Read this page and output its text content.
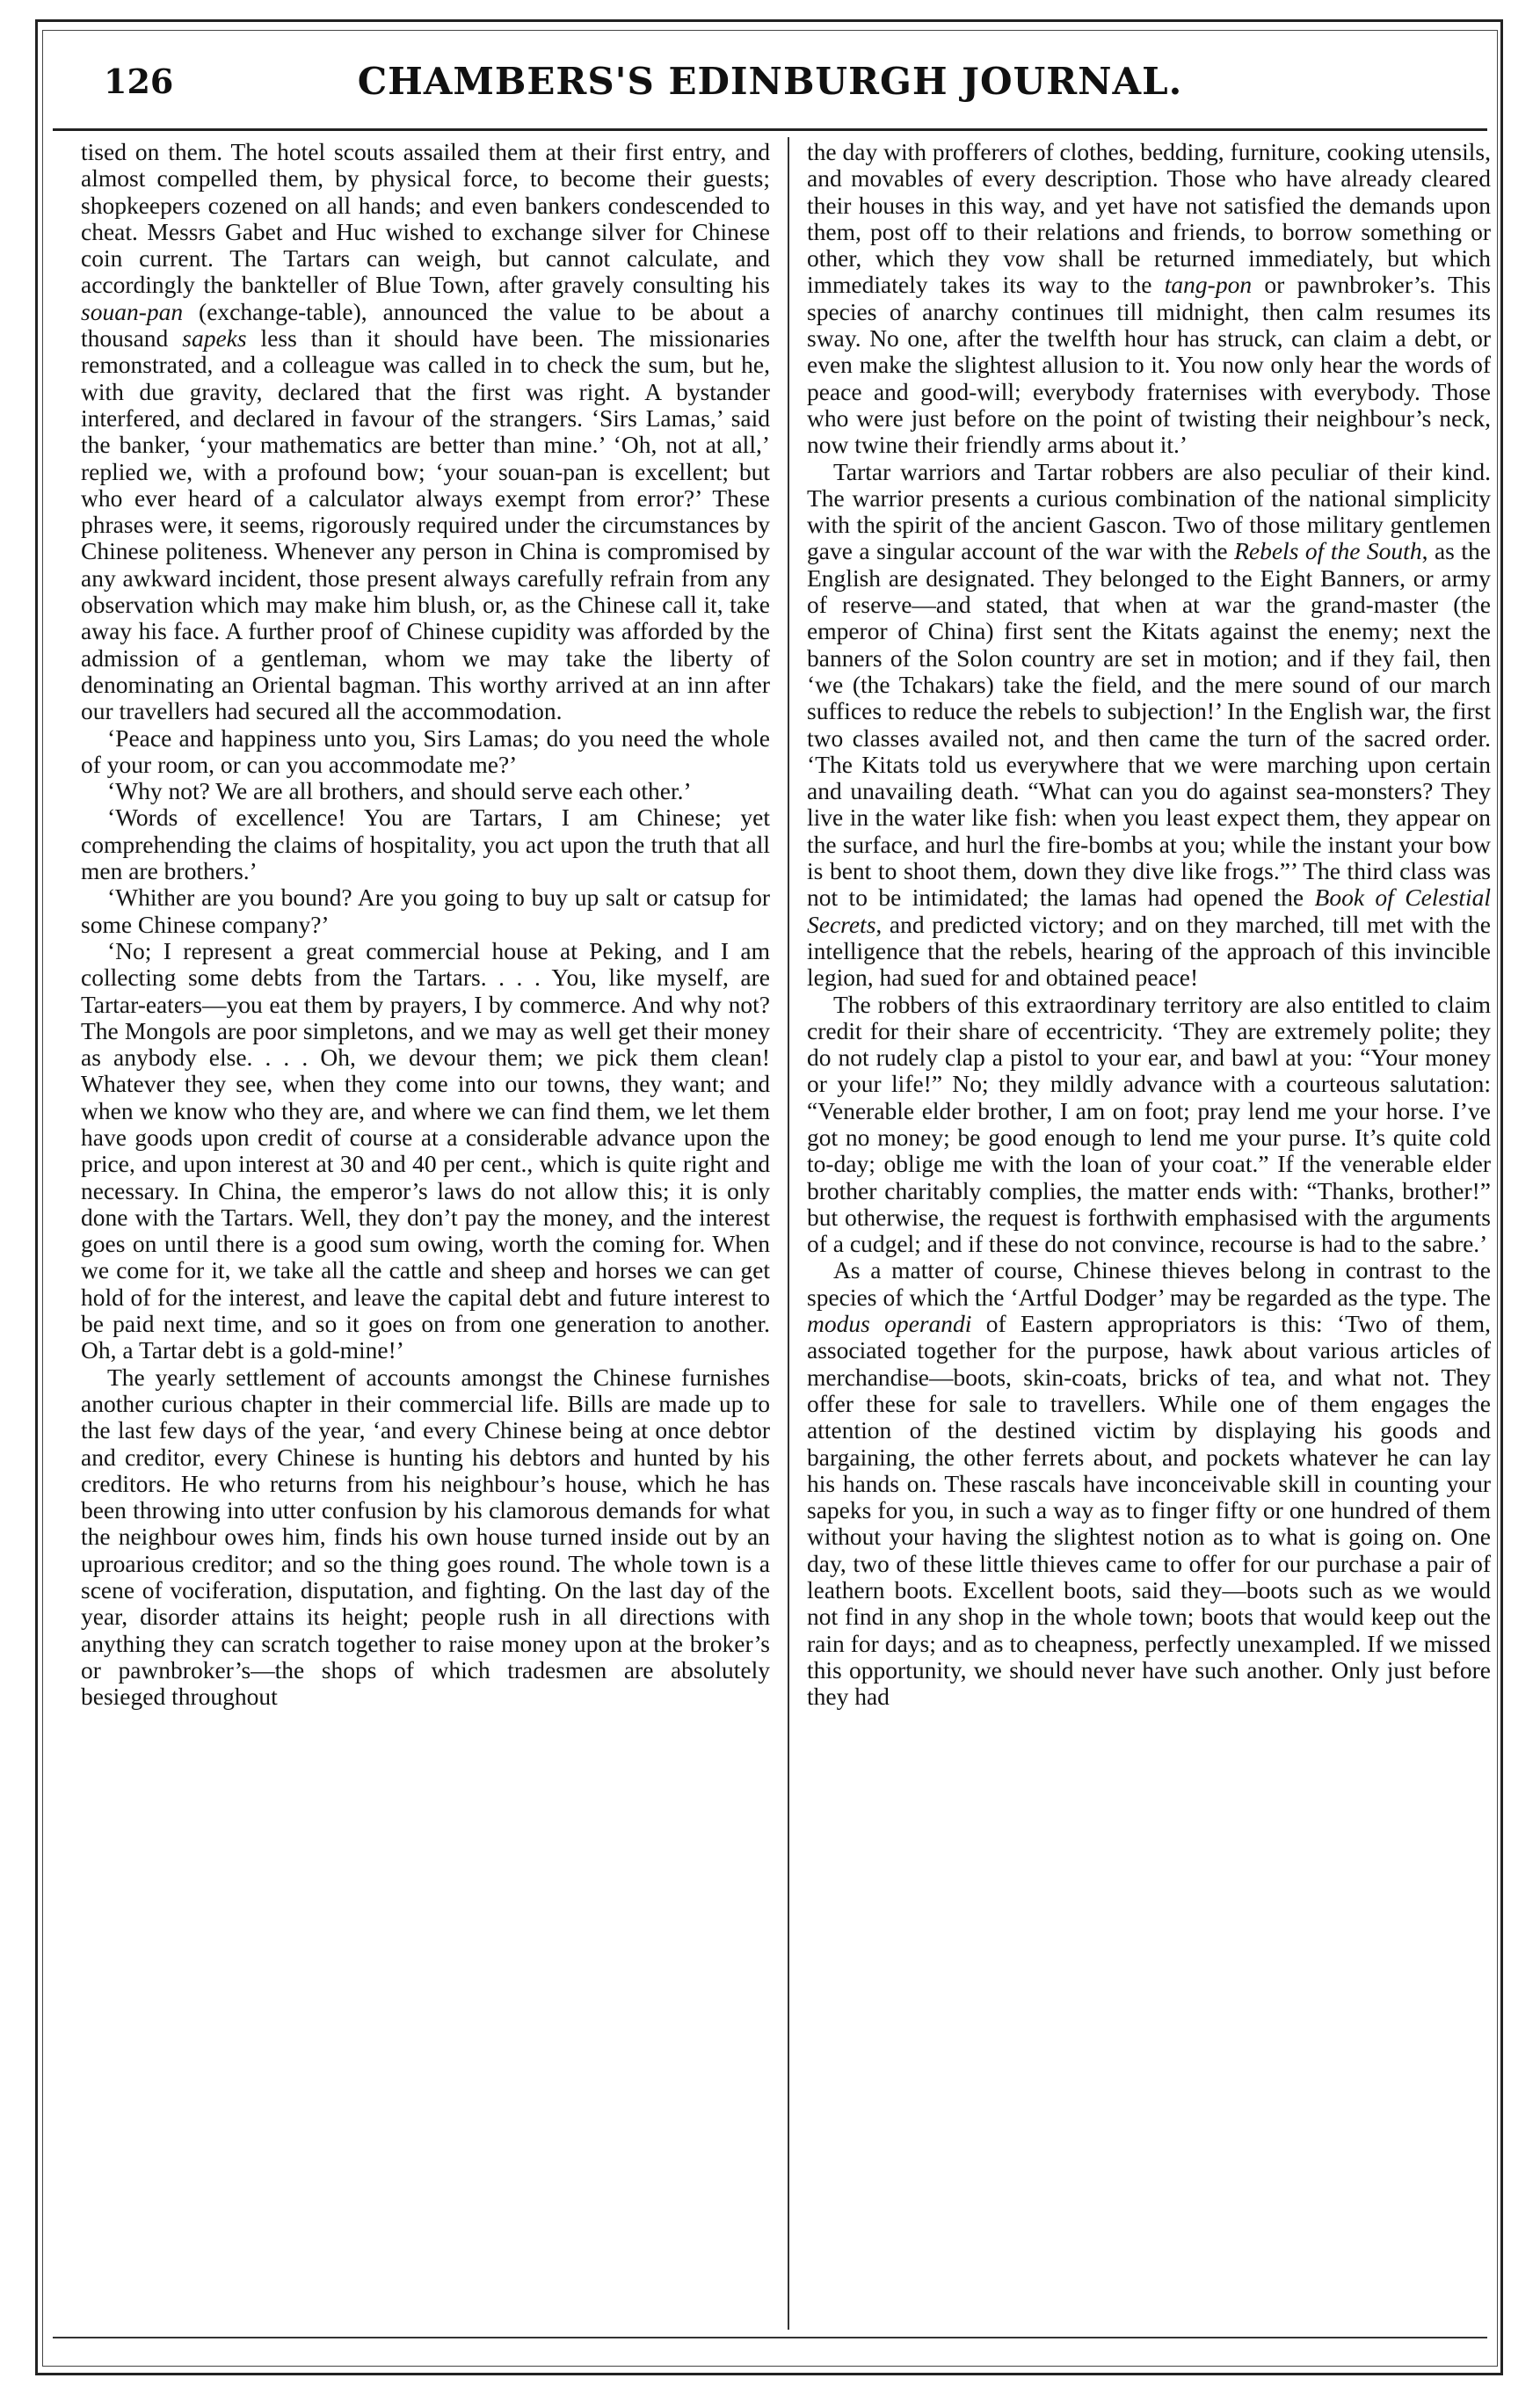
126	CHAMBERS'S EDINBURGH JOURNAL.

tised on them. The hotel scouts assailed them at their first entry, and almost compelled them, by physical force, to become their guests; shopkeepers cozened on all hands; and even bankers condescended to cheat. Messrs Gabet and Huc wished to exchange silver for Chinese coin current. The Tartars can weigh, but cannot calculate, and accordingly the bankteller of Blue Town, after gravely consulting his souan-pan (exchange-table), announced the value to be about a thousand sapeks less than it should have been. The missionaries remonstrated, and a colleague was called in to check the sum, but he, with due gravity, declared that the first was right. A bystander interfered, and declared in favour of the strangers. ‘Sirs Lamas,’ said the banker, ‘your mathematics are better than mine.’ ‘Oh, not at all,’ replied we, with a profound bow; ‘your souan-pan is excellent; but who ever heard of a calculator always exempt from error?’ These phrases were, it seems, rigorously required under the circumstances by Chinese politeness. Whenever any person in China is compromised by any awkward incident, those present always carefully refrain from any observation which may make him blush, or, as the Chinese call it, take away his face. A further proof of Chinese cupidity was afforded by the admission of a gentleman, whom we may take the liberty of denominating an Oriental bagman. This worthy arrived at an inn after our travellers had secured all the accommodation.

‘Peace and happiness unto you, Sirs Lamas; do you need the whole of your room, or can you accommodate me?’

‘Why not? We are all brothers, and should serve each other.’

‘Words of excellence! You are Tartars, I am Chinese; yet comprehending the claims of hospitality, you act upon the truth that all men are brothers.’

‘Whither are you bound? Are you going to buy up salt or catsup for some Chinese company?’

‘No; I represent a great commercial house at Peking, and I am collecting some debts from the Tartars. . . . You, like myself, are Tartar-eaters—you eat them by prayers, I by commerce. And why not? The Mongols are poor simpletons, and we may as well get their money as anybody else. . . . Oh, we devour them; we pick them clean! Whatever they see, when they come into our towns, they want; and when we know who they are, and where we can find them, we let them have goods upon credit of course at a considerable advance upon the price, and upon interest at 30 and 40 per cent., which is quite right and necessary. In China, the emperor’s laws do not allow this; it is only done with the Tartars. Well, they don’t pay the money, and the interest goes on until there is a good sum owing, worth the coming for. When we come for it, we take all the cattle and sheep and horses we can get hold of for the interest, and leave the capital debt and future interest to be paid next time, and so it goes on from one generation to another. Oh, a Tartar debt is a gold-mine!’

The yearly settlement of accounts amongst the Chinese furnishes another curious chapter in their commercial life. Bills are made up to the last few days of the year, ‘and every Chinese being at once debtor and creditor, every Chinese is hunting his debtors and hunted by his creditors. He who returns from his neighbour’s house, which he has been throwing into utter confusion by his clamorous demands for what the neighbour owes him, finds his own house turned inside out by an uproarious creditor; and so the thing goes round. The whole town is a scene of vociferation, disputation, and fighting. On the last day of the year, disorder attains its height; people rush in all directions with anything they can scratch together to raise money upon at the broker’s or pawnbroker’s—the shops of which tradesmen are absolutely besieged throughout

the day with profferers of clothes, bedding, furniture, cooking utensils, and movables of every description. Those who have already cleared their houses in this way, and yet have not satisfied the demands upon them, post off to their relations and friends, to borrow something or other, which they vow shall be returned immediately, but which immediately takes its way to the tang-pon or pawnbroker’s. This species of anarchy continues till midnight, then calm resumes its sway. No one, after the twelfth hour has struck, can claim a debt, or even make the slightest allusion to it. You now only hear the words of peace and good-will; everybody fraternises with everybody. Those who were just before on the point of twisting their neighbour’s neck, now twine their friendly arms about it.’

Tartar warriors and Tartar robbers are also peculiar of their kind. The warrior presents a curious combination of the national simplicity with the spirit of the ancient Gascon. Two of those military gentlemen gave a singular account of the war with the Rebels of the South, as the English are designated. They belonged to the Eight Banners, or army of reserve—and stated, that when at war the grand-master (the emperor of China) first sent the Kitats against the enemy; next the banners of the Solon country are set in motion; and if they fail, then ‘we (the Tchakars) take the field, and the mere sound of our march suffices to reduce the rebels to subjection!’ In the English war, the first two classes availed not, and then came the turn of the sacred order. ‘The Kitats told us everywhere that we were marching upon certain and unavailing death. “What can you do against sea-monsters? They live in the water like fish: when you least expect them, they appear on the surface, and hurl the fire-bombs at you; while the instant your bow is bent to shoot them, down they dive like frogs.”’ The third class was not to be intimidated; the lamas had opened the Book of Celestial Secrets, and predicted victory; and on they marched, till met with the intelligence that the rebels, hearing of the approach of this invincible legion, had sued for and obtained peace!

The robbers of this extraordinary territory are also entitled to claim credit for their share of eccentricity. ‘They are extremely polite; they do not rudely clap a pistol to your ear, and bawl at you: “Your money or your life!” No; they mildly advance with a courteous salutation: “Venerable elder brother, I am on foot; pray lend me your horse. I’ve got no money; be good enough to lend me your purse. It’s quite cold to-day; oblige me with the loan of your coat.” If the venerable elder brother charitably complies, the matter ends with: “Thanks, brother!” but otherwise, the request is forthwith emphasised with the arguments of a cudgel; and if these do not convince, recourse is had to the sabre.’

As a matter of course, Chinese thieves belong in contrast to the species of which the ‘Artful Dodger’ may be regarded as the type. The modus operandi of Eastern appropriators is this: ‘Two of them, associated together for the purpose, hawk about various articles of merchandise—boots, skin-coats, bricks of tea, and what not. They offer these for sale to travellers. While one of them engages the attention of the destined victim by displaying his goods and bargaining, the other ferrets about, and pockets whatever he can lay his hands on. These rascals have inconceivable skill in counting your sapeks for you, in such a way as to finger fifty or one hundred of them without your having the slightest notion as to what is going on. One day, two of these little thieves came to offer for our purchase a pair of leathern boots. Excellent boots, said they—boots such as we would not find in any shop in the whole town; boots that would keep out the rain for days; and as to cheapness, perfectly unexampled. If we missed this opportunity, we should never have such another. Only just before they had
